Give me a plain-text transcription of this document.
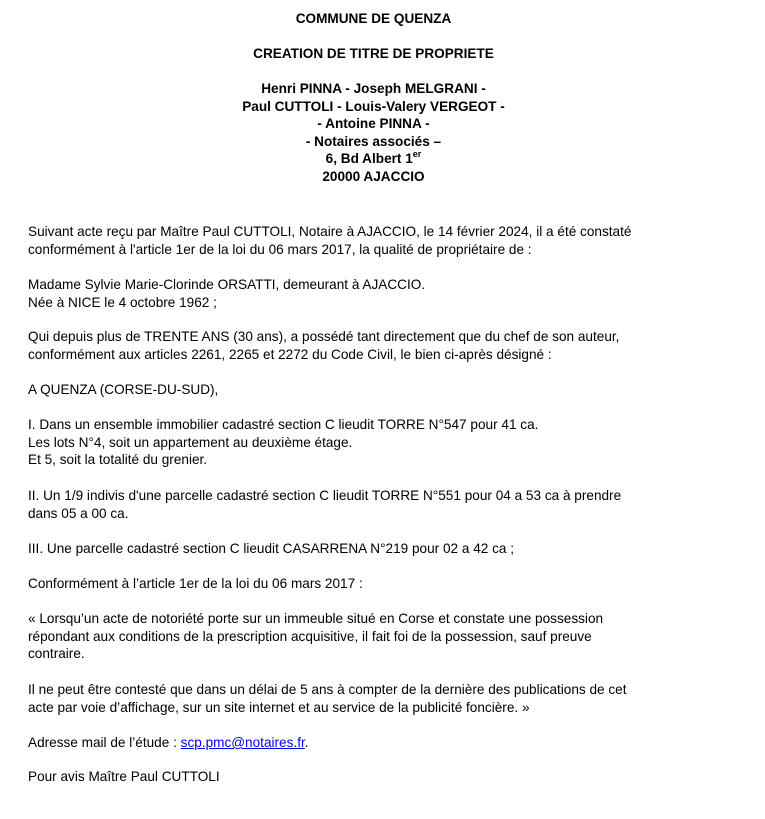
COMMUNE DE QUENZA
CREATION DE TITRE DE PROPRIETE
Henri PINNA - Joseph MELGRANI -
Paul CUTTOLI - Louis-Valery VERGEOT -
- Antoine PINNA -
- Notaires associés –
6, Bd Albert 1er
20000 AJACCIO
Suivant acte reçu par Maître Paul CUTTOLI, Notaire à AJACCIO, le 14 février 2024, il a été constaté
conformément à l'article 1er de la loi du 06 mars 2017, la qualité de propriétaire de :
Madame Sylvie Marie-Clorinde ORSATTI, demeurant à AJACCIO.
Née à NICE le 4 octobre 1962 ;
Qui depuis plus de TRENTE ANS (30 ans), a possédé tant directement que du chef de son auteur,
conformément aux articles 2261, 2265 et 2272 du Code Civil, le bien ci-après désigné :
A QUENZA (CORSE-DU-SUD),
I. Dans un ensemble immobilier cadastré section C lieudit TORRE N°547 pour 41 ca.
Les lots N°4, soit un appartement au deuxième étage.
Et 5, soit la totalité du grenier.
II. Un 1/9 indivis d'une parcelle cadastré section C lieudit TORRE N°551 pour 04 a 53 ca à prendre
dans 05 a 00 ca.
III. Une parcelle cadastré section C lieudit CASARRENA N°219 pour 02 a 42 ca ;
Conformément à l’article 1er de la loi du 06 mars 2017 :
« Lorsqu’un acte de notoriété porte sur un immeuble situé en Corse et constate une possession
répondant aux conditions de la prescription acquisitive, il fait foi de la possession, sauf preuve
contraire.
Il ne peut être contesté que dans un délai de 5 ans à compter de la dernière des publications de cet
acte par voie d’affichage, sur un site internet et au service de la publicité foncière. »
Adresse mail de l’étude : scp.pmc@notaires.fr.
Pour avis Maître Paul CUTTOLI
